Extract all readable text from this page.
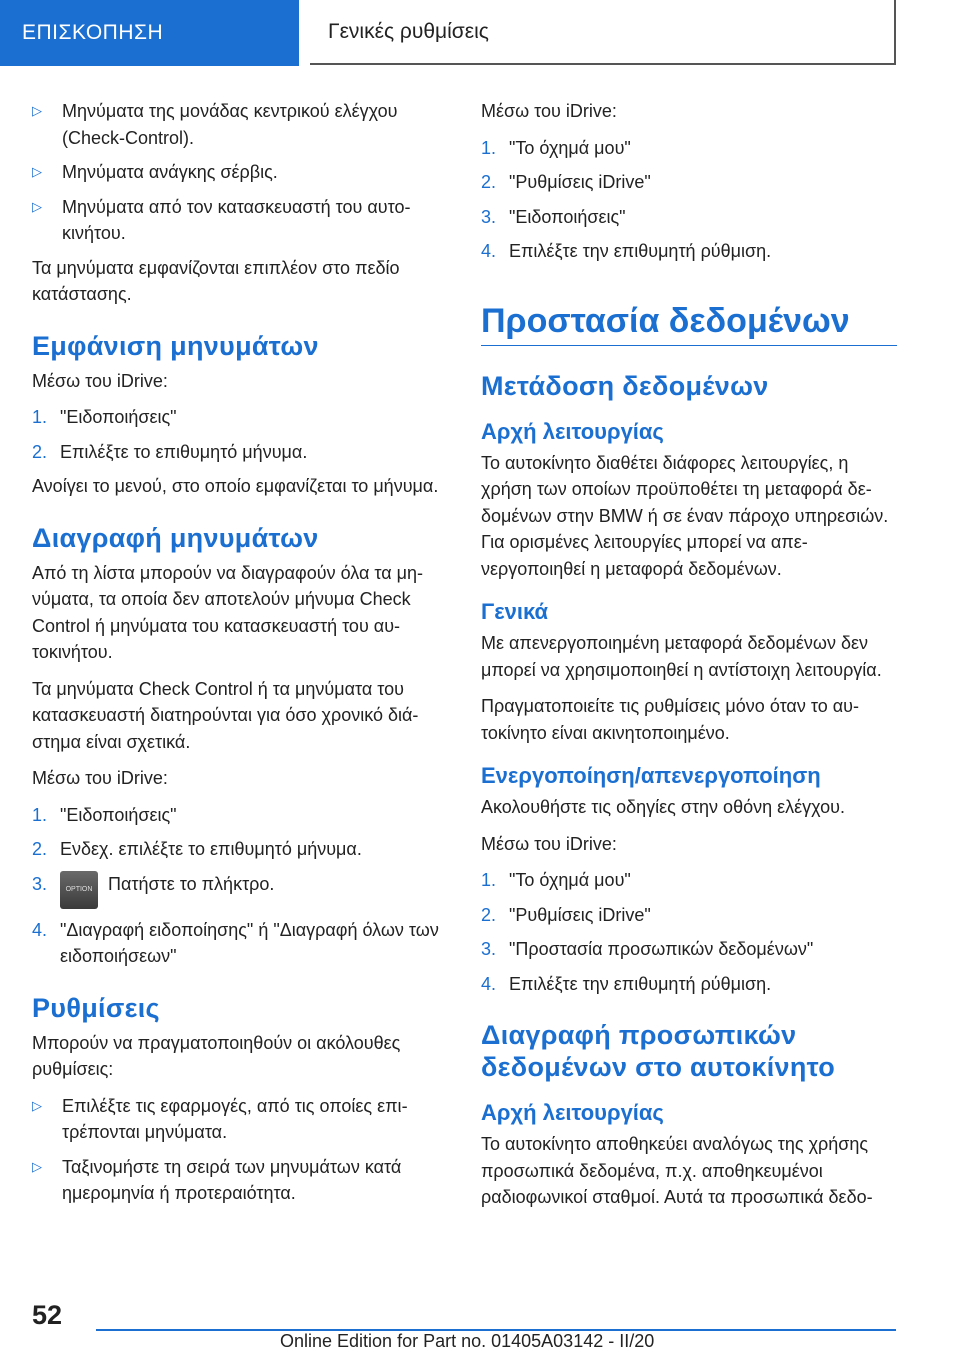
ΕΠΙΣΚΟΠΗΣΗ	Γενικές ρυθμίσεις
▷	Μηνύματα της μονάδας κεντρικού ελέγχου (Check-Control).
▷	Μηνύματα ανάγκης σέρβις.
▷	Μηνύματα από τον κατασκευαστή του αυτοκινήτου.

Τα μηνύματα εμφανίζονται επιπλέον στο πεδίο κατάστασης.

Εμφάνιση μηνυμάτων

Μέσω του iDrive:

1. "Ειδοποιήσεις"
2. Επιλέξτε το επιθυμητό μήνυμα.

Ανοίγει το μενού, στο οποίο εμφανίζεται το μήνυμα.

Διαγραφή μηνυμάτων

Από τη λίστα μπορούν να διαγραφούν όλα τα μηνύματα, τα οποία δεν αποτελούν μήνυμα Check Control ή μηνύματα του κατασκευαστή του αυτοκινήτου.

Τα μηνύματα Check Control ή τα μηνύματα του κατασκευαστή διατηρούνται για όσο χρονικό διάστημα είναι σχετικά.

Μέσω του iDrive:

1. "Ειδοποιήσεις"
2. Ενδεχ. επιλέξτε το επιθυμητό μήνυμα.
3.	OPTION Πατήστε το πλήκτρο.
4. "Διαγραφή ειδοποίησης" ή "Διαγραφή όλων των ειδοποιήσεων"
Ρυθμίσεις

Μπορούν να πραγματοποιηθούν οι ακόλουθες ρυθμίσεις:

▷	Επιλέξτε τις εφαρμογές, από τις οποίες επιτρέπονται μηνύματα.
▷	Ταξινομήστε τη σειρά των μηνυμάτων κατά ημερομηνία ή προτεραιότητα.

Μέσω του iDrive:

1. "Το όχημά μου"
2. "Ρυθμίσεις iDrive"
3. "Ειδοποιήσεις"
4. Επιλέξτε την επιθυμητή ρύθμιση.
Προστασία δεδομένων
Μετάδοση δεδομένων
Αρχή λειτουργίας

Το αυτοκίνητο διαθέτει διάφορες λειτουργίες, η χρήση των οποίων προϋποθέτει τη μεταφορά δεδομένων στην BMW ή σε έναν πάροχο υπηρεσιών. Για ορισμένες λειτουργίες μπορεί να απενεργοποιηθεί η μεταφορά δεδομένων.

Γενικά

Με απενεργοποιημένη μεταφορά δεδομένων δεν μπορεί να χρησιμοποιηθεί η αντίστοιχη λειτουργία.

Πραγματοποιείτε τις ρυθμίσεις μόνο όταν το αυτοκίνητο είναι ακινητοποιημένο.

Ενεργοποίηση/απενεργοποίηση

Ακολουθήστε τις οδηγίες στην οθόνη ελέγχου.

Μέσω του iDrive:

1. "Το όχημά μου"
2. "Ρυθμίσεις iDrive"
3. "Προστασία προσωπικών δεδομένων"
4. Επιλέξτε την επιθυμητή ρύθμιση.
Διαγραφή προσωπικών δεδομένων στο αυτοκίνητο
Αρχή λειτουργίας

Το αυτοκίνητο αποθηκεύει αναλόγως της χρήσης προσωπικά δεδομένα, π.χ. αποθηκευμένοι ραδιοφωνικοί σταθμοί. Αυτά τα προσωπικά δεδο-

52
Online Edition for Part no. 01405A03142 - II/20
